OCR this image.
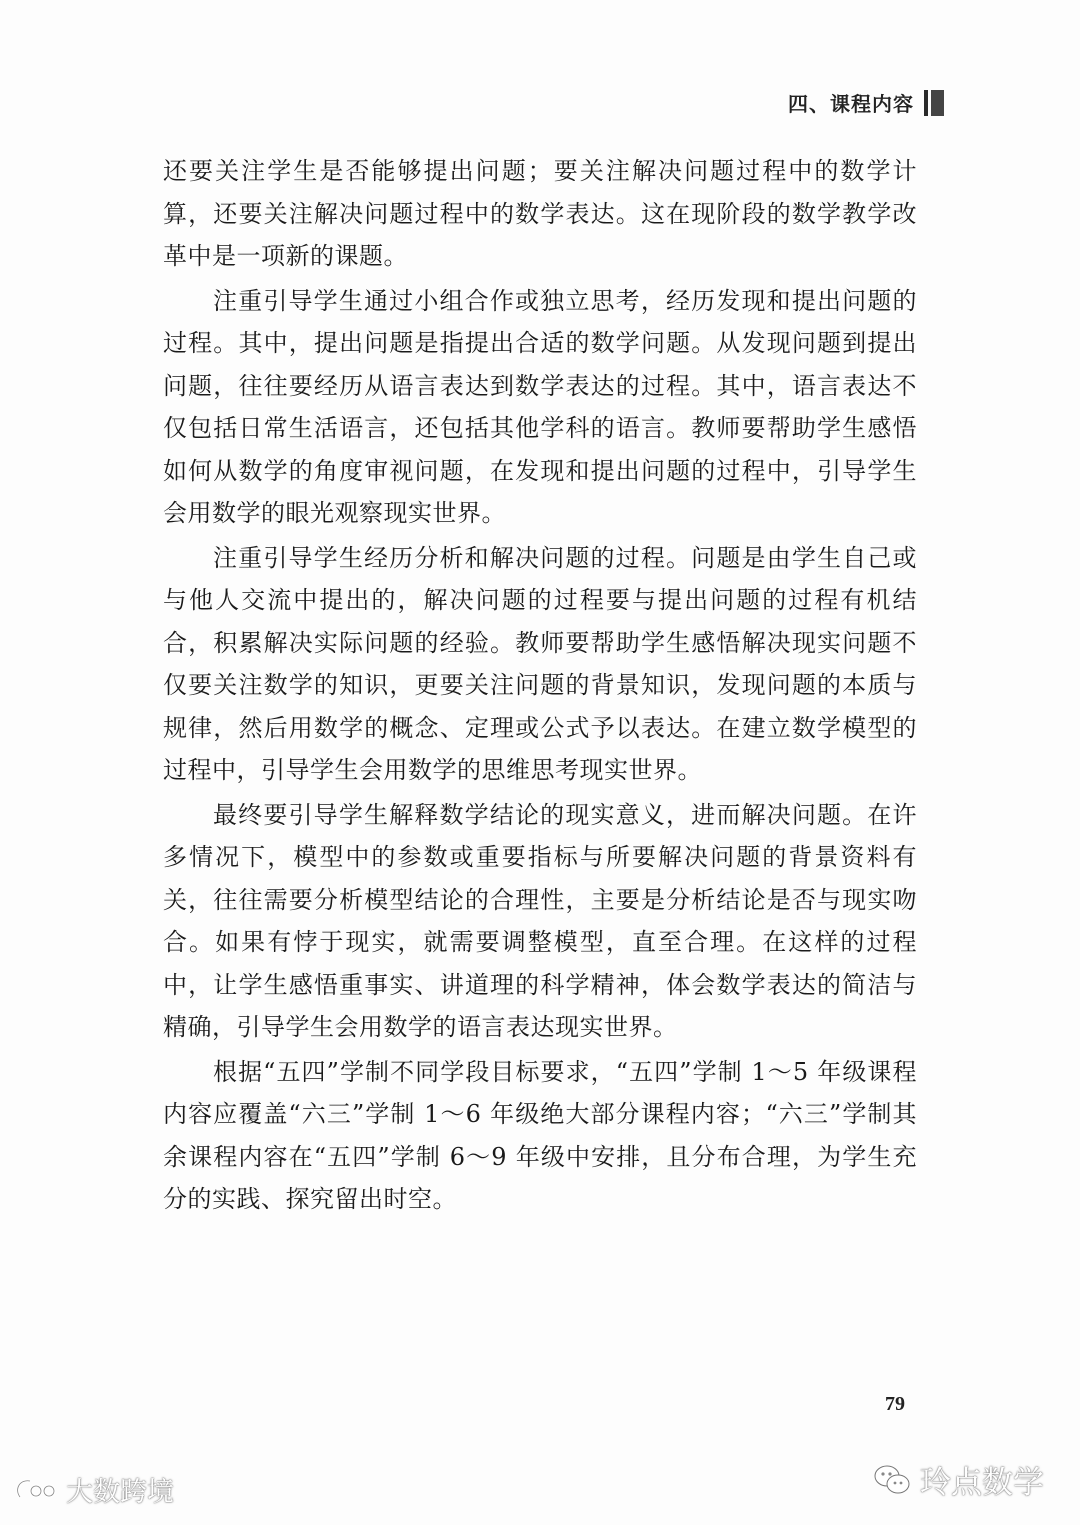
四、课程内容

还要关注学生是否能够提出问题；要关注解决问题过程中的数学计算，还要关注解决问题过程中的数学表达。这在现阶段的数学教学改革中是一项新的课题。

注重引导学生通过小组合作或独立思考，经历发现和提出问题的过程。其中，提出问题是指提出合适的数学问题。从发现问题到提出问题，往往要经历从语言表达到数学表达的过程。其中，语言表达不仅包括日常生活语言，还包括其他学科的语言。教师要帮助学生感悟如何从数学的角度审视问题，在发现和提出问题的过程中，引导学生会用数学的眼光观察现实世界。

注重引导学生经历分析和解决问题的过程。问题是由学生自己或与他人交流中提出的，解决问题的过程要与提出问题的过程有机结合，积累解决实际问题的经验。教师要帮助学生感悟解决现实问题不仅要关注数学的知识，更要关注问题的背景知识，发现问题的本质与规律，然后用数学的概念、定理或公式予以表达。在建立数学模型的过程中，引导学生会用数学的思维思考现实世界。

最终要引导学生解释数学结论的现实意义，进而解决问题。在许多情况下，模型中的参数或重要指标与所要解决问题的背景资料有关，往往需要分析模型结论的合理性，主要是分析结论是否与现实吻合。如果有悖于现实，就需要调整模型，直至合理。在这样的过程中，让学生感悟重事实、讲道理的科学精神，体会数学表达的简洁与精确，引导学生会用数学的语言表达现实世界。

根据“五四”学制不同学段目标要求，“五四”学制 1～5 年级课程内容应覆盖“六三”学制 1～6 年级绝大部分课程内容；“六三”学制其余课程内容在“五四”学制 6～9 年级中安排，且分布合理，为学生充分的实践、探究留出时空。

79
大数跨境	玲点数学
